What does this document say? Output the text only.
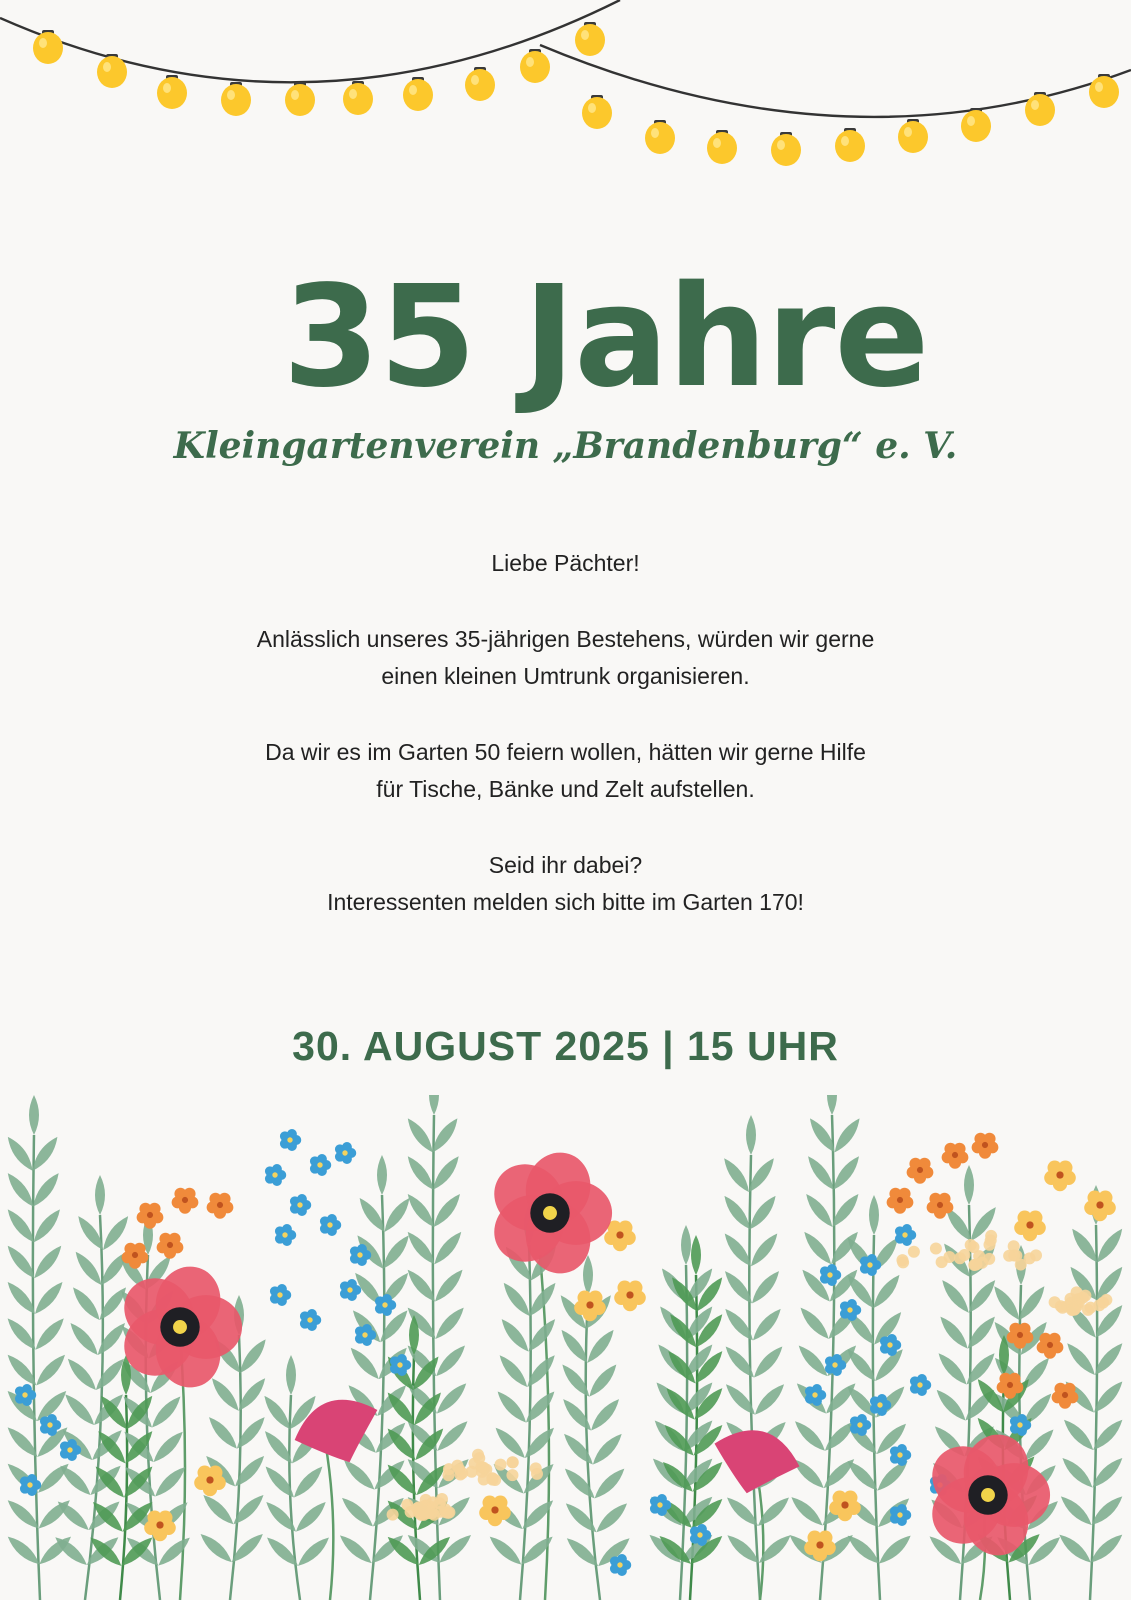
35 Jahre
Kleingartenverein „Brandenburg“ e. V.

Liebe Pächter!

Anlässlich unseres 35-jährigen Bestehens, würden wir gerne
einen kleinen Umtrunk organisieren.

Da wir es im Garten 50 feiern wollen, hätten wir gerne Hilfe
für Tische, Bänke und Zelt aufstellen.

Seid ihr dabei?
Interessenten melden sich bitte im Garten 170!

30. AUGUST 2025 | 15 UHR
